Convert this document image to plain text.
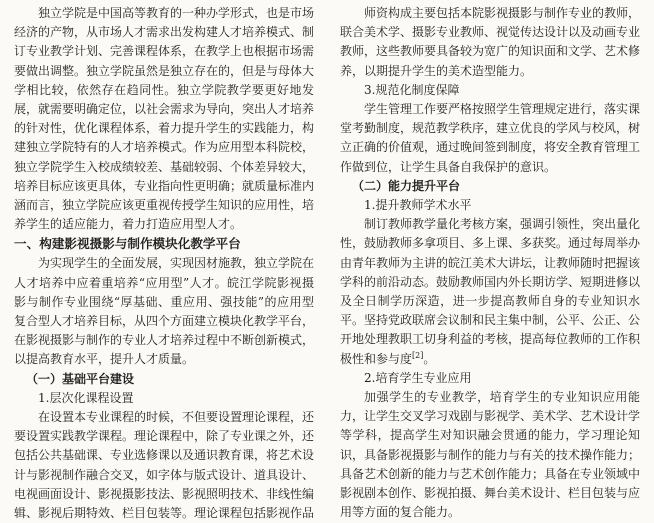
独立学院是中国高等教育的一种办学形式，也是市场经济的产物，从市场人才需求出发构建人才培养模式、制订专业教学计划、完善课程体系，在教学上也根据市场需要做出调整。独立学院虽然是独立存在的，但是与母体大学相比较，依然存在趋同性。独立学院教学要更好地发展，就需要明确定位，以社会需求为导向，突出人才培养的针对性，优化课程体系，着力提升学生的实践能力，构建独立学院特有的人才培养模式。作为应用型本科院校，独立学院学生入校成绩较差、基础较弱、个体差异较大，培养目标应该更具体，专业指向性更明确；就质量标准内涵而言，独立学院应该更重视传授学生知识的应用性，培养学生的适应能力，着力打造应用型人才。

一、构建影视摄影与制作模块化教学平台

为实现学生的全面发展，实现因材施教，独立学院在人才培养中应着重培养“应用型”人才。皖江学院影视摄影与制作专业围绕“厚基础、重应用、强技能”的应用型复合型人才培养目标，从四个方面建立模块化教学平台，在影视摄影与制作的专业人才培养过程中不断创新模式，以提高教育水平，提升人才质量。

（一）基础平台建设

1.层次化课程设置

在设置本专业课程的时候，不但要设置理论课程，还要设置实践教学课程。理论课程中，除了专业课之外，还包括公共基础课、专业选修课以及通识教育课，将艺术设计与影视制作融合交叉，如字体与版式设计、道具设计、电视画面设计、影视摄影技法、影视照明技术、非线性编辑、影视后期特效、栏目包装等。理论课程包括影视作品

师资构成主要包括本院影视摄影与制作专业的教师，联合美术学、摄影专业教师、视觉传达设计以及动画专业教师，这些教师要具备较为宽广的知识面和文学、艺术修养，以期提升学生的美术造型能力。

3.规范化制度保障

学生管理工作要严格按照学生管理规定进行，落实课堂考勤制度，规范教学秩序，建立优良的学风与校风，树立正确的价值观，通过晚间签到制度，将安全教育管理工作做到位，让学生具备自我保护的意识。

（二）能力提升平台

1.提升教师学术水平

制订教师教学量化考核方案，强调引领性，突出量化性，鼓励教师多拿项目、多上课、多获奖。通过每周举办由青年教师为主讲的皖江美术大讲坛，让教师随时把握该学科的前沿动态。鼓励教师国内外长期访学、短期进修以及全日制学历深造，进一步提高教师自身的专业知识水平。坚持党政联席会议制和民主集中制，公平、公正、公开地处理教职工切身利益的考核，提高每位教师的工作积极性和参与度[2]。

2.培育学生专业应用

加强学生的专业教学，培育学生的专业知识应用能力，让学生交叉学习戏剧与影视学、美术学、艺术设计学等学科，提高学生对知识融会贯通的能力，学习理论知识，具备影视摄影与制作的能力与有关的技术操作能力；具备艺术创新的能力与艺术创作能力；具备在专业领域中影视剧本创作、影视拍摄、舞台美术设计、栏目包装与应用等方面的复合能力。
